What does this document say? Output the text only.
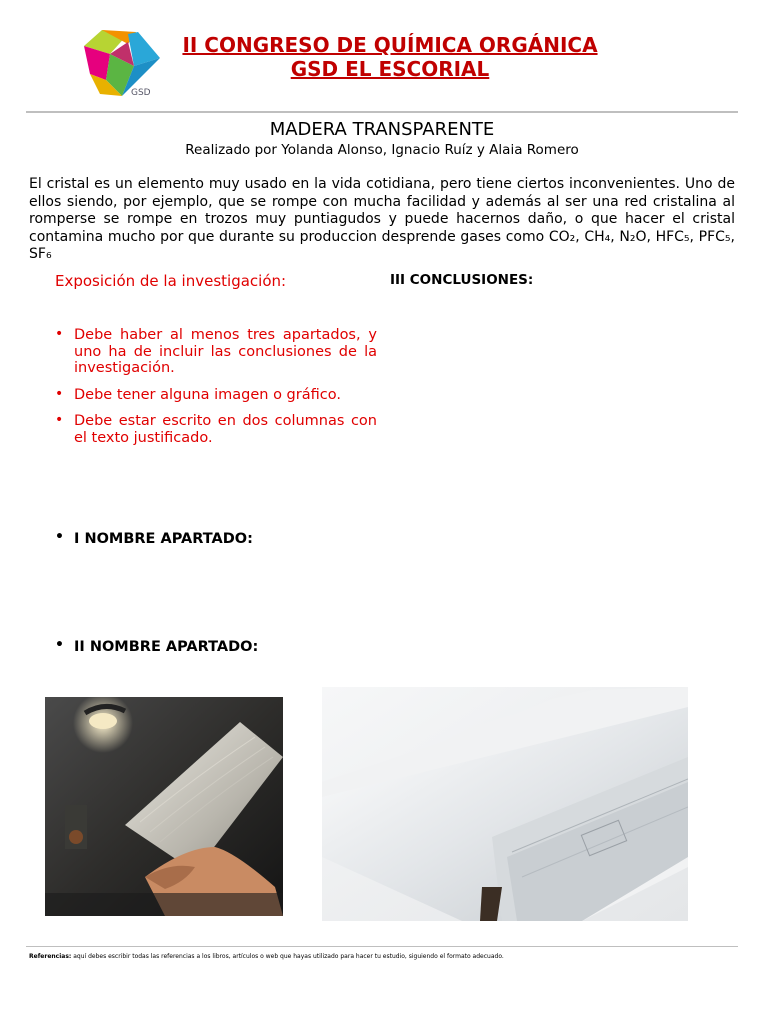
GSD
II CONGRESO DE QUÍMICA ORGÁNICA
GSD EL ESCORIAL
MADERA TRANSPARENTE
Realizado por Yolanda Alonso, Ignacio Ruíz y Alaia Romero
El cristal es un elemento muy usado en la vida cotidiana, pero tiene ciertos inconvenientes. Uno de ellos siendo, por ejemplo, que se rompe con mucha facilidad y además al ser una red cristalina al romperse se rompe en trozos muy puntiagudos y puede hacernos daño, o que hacer el cristal contamina mucho por que durante su produccion desprende gases como CO₂, CH₄, N₂O, HFC₅, PFC₅, SF₆

Exposición de la investigación:

• Debe haber al menos tres apartados, y uno ha de incluir las conclusiones de la investigación.
• Debe tener alguna imagen o gráfico.
• Debe estar escrito en dos columnas con el texto justificado.
• I NOMBRE APARTADO:
• II NOMBRE APARTADO:
III CONCLUSIONES:
Referencias: aquí debes escribir todas las referencias a los libros, artículos o web que hayas utilizado para hacer tu estudio, siguiendo el formato adecuado.
